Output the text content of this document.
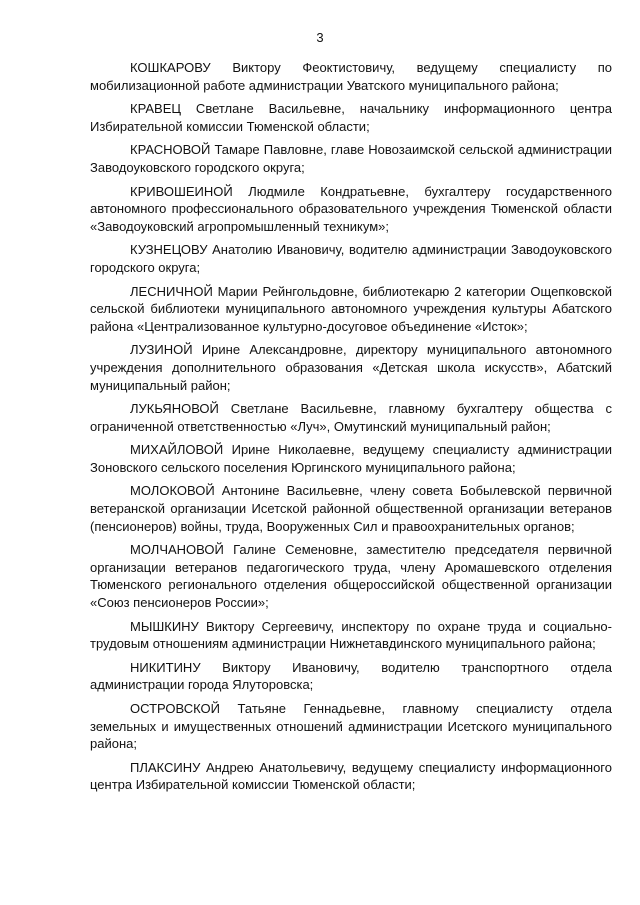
3

КОШКАРОВУ Виктору Феоктистовичу, ведущему специалисту по мобилизационной работе администрации Уватского муниципального района;

КРАВЕЦ Светлане Васильевне, начальнику информационного центра Избирательной комиссии Тюменской области;

КРАСНОВОЙ Тамаре Павловне, главе Новозаимской сельской администрации Заводоуковского городского округа;

КРИВОШЕИНОЙ Людмиле Кондратьевне, бухгалтеру государственного автономного профессионального образовательного учреждения Тюменской области «Заводоуковский агропромышленный техникум»;

КУЗНЕЦОВУ Анатолию Ивановичу, водителю администрации Заводоуковского городского округа;

ЛЕСНИЧНОЙ Марии Рейнгольдовне, библиотекарю 2 категории Ощепковской сельской библиотеки муниципального автономного учреждения культуры Абатского района «Централизованное культурно-досуговое объединение «Исток»;

ЛУЗИНОЙ Ирине Александровне, директору муниципального автономного учреждения дополнительного образования «Детская школа искусств», Абатский муниципальный район;

ЛУКЬЯНОВОЙ Светлане Васильевне, главному бухгалтеру общества с ограниченной ответственностью «Луч», Омутинский муниципальный район;

МИХАЙЛОВОЙ Ирине Николаевне, ведущему специалисту администрации Зоновского сельского поселения Юргинского муниципального района;

МОЛОКОВОЙ Антонине Васильевне, члену совета Бобылевской первичной ветеранской организации Исетской районной общественной организации ветеранов (пенсионеров) войны, труда, Вооруженных Сил и правоохранительных органов;

МОЛЧАНОВОЙ Галине Семеновне, заместителю председателя первичной организации ветеранов педагогического труда, члену Аромашевского отделения Тюменского регионального отделения общероссийской общественной организации «Союз пенсионеров России»;

МЫШКИНУ Виктору Сергеевичу, инспектору по охране труда и социально-трудовым отношениям администрации Нижнетавдинского муниципального района;

НИКИТИНУ Виктору Ивановичу, водителю транспортного отдела администрации города Ялуторовска;

ОСТРОВСКОЙ Татьяне Геннадьевне, главному специалисту отдела земельных и имущественных отношений администрации Исетского муниципального района;

ПЛАКСИНУ Андрею Анатольевичу, ведущему специалисту информационного центра Избирательной комиссии Тюменской области;
